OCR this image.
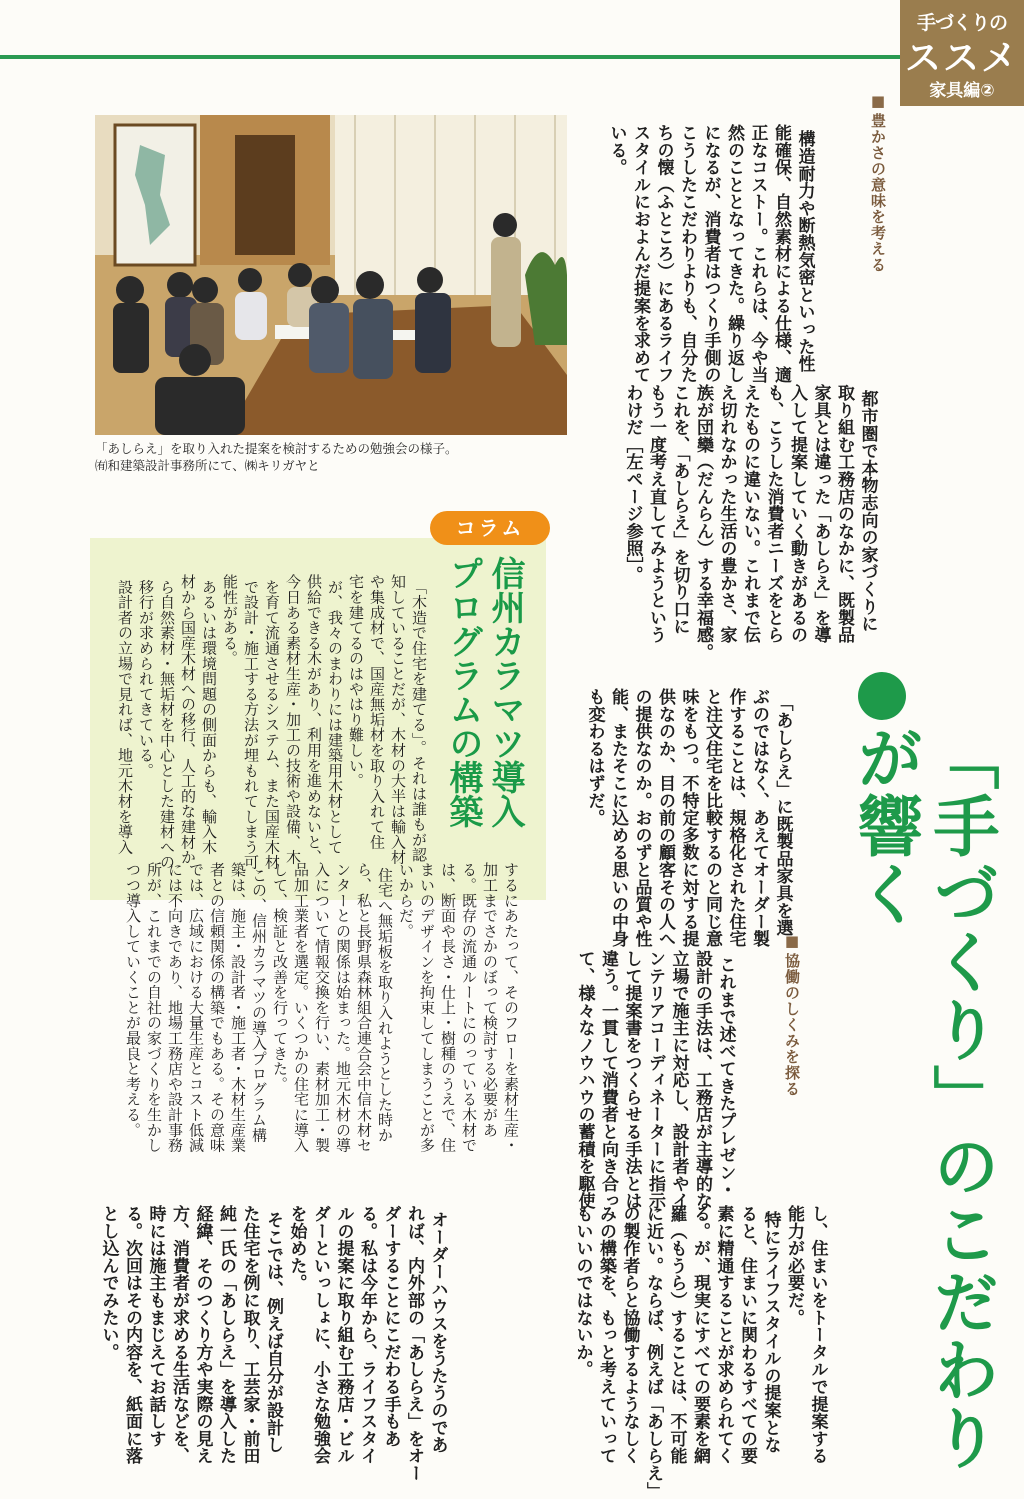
手づくりの
ススメ
家具編②
「あしらえ」を取り入れた提案を検討するための勉強会の様子。
㈲和建築設計事務所にて、㈱キリガヤと
■ 豊かさの意味を考える
構造耐力や断熱気密といった性
能確保、自然素材による仕様、適
正なコストー。これらは、今や当
然のこととなってきた。繰り返し
になるが、消費者はつくり手側の
こうしたこだわりよりも、自分た
ちの懐（ふところ）にあるライフ
スタイルにおよんだ提案を求めて
いる。
都市圏で本物志向の家づくりに
取り組む工務店のなかに、既製品
家具とは違った「あしらえ」を導
入して提案していく動きがあるの
も、こうした消費者ニーズをとら
えたものに違いない。これまで伝
え切れなかった生活の豊かさ、家
族が団欒（だんらん）する幸福感。
これを、「あしらえ」を切り口に
もう一度考え直してみようという
わけだ［左ページ参照］。
「手づくり」のこだわりが響く
「あしらえ」に既製品家具を選
ぶのではなく、あえてオーダー製
作することは、規格化された住宅
と注文住宅を比較するのと同じ意
味をもつ。不特定多数に対する提
供なのか、目の前の顧客その人へ
の提供なのか。おのずと品質や性
能、またそこに込める思いの中身
も変わるはずだ。
■ 協働のしくみを探る
これまで述べてきたプレゼン・
設計の手法は、工務店が主導的な
立場で施主に対応し、設計者やイ
ンテリアコーディネーターに指示
して提案書をつくらせる手法とは
違う。一貫して消費者と向き合っ
て、様々なノウハウの蓄積を駆使
し、住まいをトータルで提案する
能力が必要だ。
特にライフスタイルの提案とな
ると、住まいに関わるすべての要
素に精通することが求められてく
る。が、現実にすべての要素を網
羅（もうら）することは、不可能
に近い。ならば、例えば「あしらえ」
の製作者らと協働するようなしく
みの構築を、もっと考えていって
もいいのではないか。
オーダーハウスをうたうのであ
れば、内外部の「あしらえ」をオー
ダーすることにこだわる手もあ
る。私は今年から、ライフスタイ
ルの提案に取り組む工務店・ビル
ダーといっしょに、小さな勉強会
を始めた。
そこでは、例えば自分が設計し
た住宅を例に取り、工芸家・前田
純一氏の「あしらえ」を導入した
経緯、そのつくり方や実際の見え
方、消費者が求める生活などを、
時には施主もまじえてお話しす
る。次回はその内容を、紙面に落
とし込んでみたい。
コラム
信州カラマツ導入
プログラムの構築
「木造で住宅を建てる」。それは誰もが認
知していることだが、木材の大半は輸入材
や集成材で、国産無垢材を取り入れて住
宅を建てるのはやはり難しい。
が、我々のまわりには建築用木材として
供給できる木があり、利用を進めないと、
今日ある素材生産・加工の技術や設備、木
を育て流通させるシステム、また国産木材
で設計・施工する方法が埋もれてしまう可
能性がある。
あるいは環境問題の側面からも、輸入木
材から国産木材への移行、人工的な建材か
ら自然素材・無垢材を中心とした建材への
移行が求められてきている。
設計者の立場で見れば、地元木材を導入
するにあたって、そのフローを素材生産・
加工までさかのぼって検討する必要があ
る。既存の流通ルートにのっている木材で
は、断面や長さ・仕上・樹種のうえで、住
まいのデザインを拘束してしまうことが多
いからだ。
住宅へ無垢板を取り入れようとした時か
ら、私と長野県森林組合連合会中信木材セ
ンターとの関係は始まった。地元木材の導
入について情報交換を行い、素材加工・製
品加工業者を選定。いくつかの住宅に導入
して、検証と改善を行ってきた。
この、信州カラマツの導入プログラム構
築は、施主・設計者・施工者・木材生産業
者との信頼関係の構築でもある。その意味
では、広域における大量生産とコスト低減
には不向きであり、地場工務店や設計事務
所が、これまでの自社の家づくりを生かし
つつ導入していくことが最良と考える。
